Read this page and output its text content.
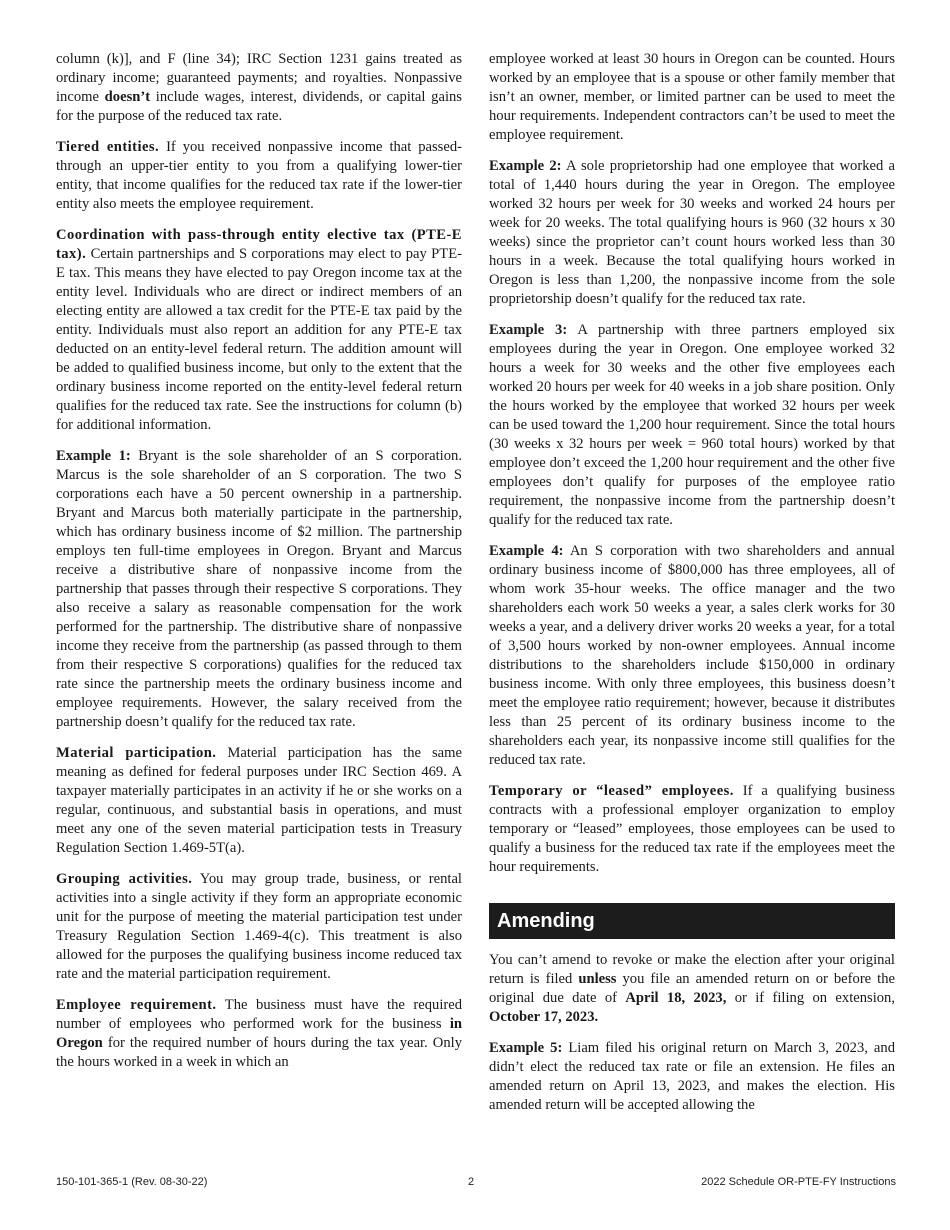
column (k)], and F (line 34); IRC Section 1231 gains treated as ordinary income; guaranteed payments; and royalties. Nonpassive income doesn’t include wages, interest, dividends, or capital gains for the purpose of the reduced tax rate.

Tiered entities. If you received nonpassive income that passed-through an upper-tier entity to you from a qualifying lower-tier entity, that income qualifies for the reduced tax rate if the lower-tier entity also meets the employee requirement.

Coordination with pass-through entity elective tax (PTE-E tax). Certain partnerships and S corporations may elect to pay PTE-E tax. This means they have elected to pay Oregon income tax at the entity level. Individuals who are direct or indirect members of an electing entity are allowed a tax credit for the PTE-E tax paid by the entity. Individuals must also report an addition for any PTE-E tax deducted on an entity-level federal return. The addition amount will be added to qualified business income, but only to the extent that the ordinary business income reported on the entity-level federal return qualifies for the reduced tax rate. See the instructions for column (b) for additional information.

Example 1: Bryant is the sole shareholder of an S corporation. Marcus is the sole shareholder of an S corporation. The two S corporations each have a 50 percent ownership in a partnership. Bryant and Marcus both materially participate in the partnership, which has ordinary business income of $2 million. The partnership employs ten full-time employees in Oregon. Bryant and Marcus receive a distributive share of nonpassive income from the partnership that passes through their respective S corporations. They also receive a salary as reasonable compensation for the work performed for the partnership. The distributive share of nonpassive income they receive from the partnership (as passed through to them from their respective S corporations) qualifies for the reduced tax rate since the partnership meets the ordinary business income and employee requirements. However, the salary received from the partnership doesn’t qualify for the reduced tax rate.

Material participation. Material participation has the same meaning as defined for federal purposes under IRC Section 469. A taxpayer materially participates in an activity if he or she works on a regular, continuous, and substantial basis in operations, and must meet any one of the seven material participation tests in Treasury Regulation Section 1.469-5T(a).

Grouping activities. You may group trade, business, or rental activities into a single activity if they form an appropriate economic unit for the purpose of meeting the material participation test under Treasury Regulation Section 1.469-4(c). This treatment is also allowed for the purposes the qualifying business income reduced tax rate and the material participation requirement.

Employee requirement. The business must have the required number of employees who performed work for the business in Oregon for the required number of hours during the tax year. Only the hours worked in a week in which an

employee worked at least 30 hours in Oregon can be counted. Hours worked by an employee that is a spouse or other family member that isn’t an owner, member, or limited partner can be used to meet the hour requirements. Independent contractors can’t be used to meet the employee requirement.

Example 2: A sole proprietorship had one employee that worked a total of 1,440 hours during the year in Oregon. The employee worked 32 hours per week for 30 weeks and worked 24 hours per week for 20 weeks. The total qualifying hours is 960 (32 hours x 30 weeks) since the proprietor can’t count hours worked less than 30 hours in a week. Because the total qualifying hours worked in Oregon is less than 1,200, the nonpassive income from the sole proprietorship doesn’t qualify for the reduced tax rate.

Example 3: A partnership with three partners employed six employees during the year in Oregon. One employee worked 32 hours a week for 30 weeks and the other five employees each worked 20 hours per week for 40 weeks in a job share position. Only the hours worked by the employee that worked 32 hours per week can be used toward the 1,200 hour requirement. Since the total hours (30 weeks x 32 hours per week = 960 total hours) worked by that employee don’t exceed the 1,200 hour requirement and the other five employees don’t qualify for purposes of the employee ratio requirement, the nonpassive income from the partnership doesn’t qualify for the reduced tax rate.

Example 4: An S corporation with two shareholders and annual ordinary business income of $800,000 has three employees, all of whom work 35-hour weeks. The office manager and the two shareholders each work 50 weeks a year, a sales clerk works for 30 weeks a year, and a delivery driver works 20 weeks a year, for a total of 3,500 hours worked by non-owner employees. Annual income distributions to the shareholders include $150,000 in ordinary business income. With only three employees, this business doesn’t meet the employee ratio requirement; however, because it distributes less than 25 percent of its ordinary business income to the shareholders each year, its nonpassive income still qualifies for the reduced tax rate.

Temporary or “leased” employees. If a qualifying business contracts with a professional employer organization to employ temporary or “leased” employees, those employees can be used to qualify a business for the reduced tax rate if the employees meet the hour requirements.

Amending

You can’t amend to revoke or make the election after your original return is filed unless you file an amended return on or before the original due date of April 18, 2023, or if filing on extension, October 17, 2023.

Example 5: Liam filed his original return on March 3, 2023, and didn’t elect the reduced tax rate or file an extension. He files an amended return on April 13, 2023, and makes the election. His amended return will be accepted allowing the

150-101-365-1 (Rev. 08-30-22)	2	2022 Schedule OR-PTE-FY Instructions
